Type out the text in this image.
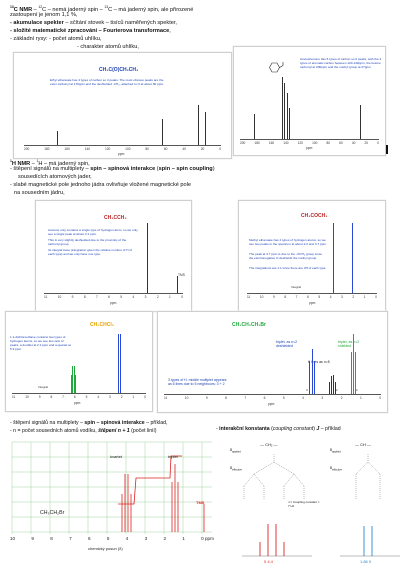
$^{13}$C NMR – $^{12}$C – nemá jaderný spin – $^{13}$C – má jaderný spin, ale přirozené
zastoupení je jenom 1,1 %,
- akumulace spekter – sčítání stovek – tisíců naměřených spekter,
- složité matematické zpracování – Fourierova transformace,
- základní rysy: - počet atomů uhlíku,
- charakter atomů uhlíku,
CH₃C(O)CH₂CH₃
Ethyl ethanoate has 4 types of carbon so 4 peaks. The most obvious peaks are the ester carbonyl at 170ppm and the deshielded -CH₂- attached to O at about 60 ppm.
200	180	160	140	120	100	80	60	40	20	0
ppm
Acetophenone has 6 types of carbon so 6 peaks, with the 4 types of aromatic carbon between 120-140ppm, the ketone carbonyl at 200ppm and the methyl group at 27ppm
200	180	160	140	120	100	80	60	40	20	0
ppm
$^1$H NMR – $^1$H – má jaderný spin,
- štěpení signálů na multiplety – spin – spinová interakce (spin – spin coupling)
sousedících atomových jader,
- slabé magnetické pole jednoho jádra ovlivňuje vložené magnetické pole
na sousedním jádru,
CH₃CCH₃
Acetone only contains a single type of hydrogen atom, so we only see a single peak at about 2.1 ppm.
This is very slightly deshielded due to the proximity of the carbonyl group.
Its integral trace (integration given the relative number of H of each type) and we only have one type.
TMS
11	10	9	8	7	6	5	4	3	2	1	0
ppm
CH₃COCH₃
Methyl ethanoate has 2 types of hydrogen atoms, so we see two peaks in the spectrum at about 2.0 and 3.7 ppm.
The peak at 3.7 ppm is due to the -OCH₃ group since the electronegative O deshields the methyl group.
The integrations are 1:1 since there are 3H of each type.
Integral
11	10	9	8	7	6	5	4	3	2	1	0
ppm
CH₃CHCl₂
1,1-dichloroethane contains two types of hydrogen atoms, so we see two sets of peaks, a doublet at 2.1 ppm and a quartet at 5.9 ppm
Integral
11	10	9	8	7	6	5	4	3	2	1	0
ppm
CH₃CH₂CH₂Br
triplet, as n=2 deshielded
triplet, as n=2 shielded
6 lines as n=5
3 types of H. middle multiplet appears as 6 lines due to 5 neighbours: 3 + 2
11	10	9	8	7	6	5	4	3	2	1	0
3	2	2
ppm
- štěpení signálů na multiplety – spin – spinová interakce – příklad,
- n = počet sousedních atomů vodíku, štěpení n + 1 (počet linií)	- interakční konstanta (coupling constant) J – příklad
kvartet	triplet
TMS
CH₃CH₂Br
10	9	8	7	6	5	4	3	2	1	0 ppm
chemický posun (δ)
— CH₂ —
$B_{applied}$
$B_{effective}$
J = Coupling constant = 7 Hz
δ 4.4
— CH —
$B_{applied}$
$B_{effective}$
1.86 δ
